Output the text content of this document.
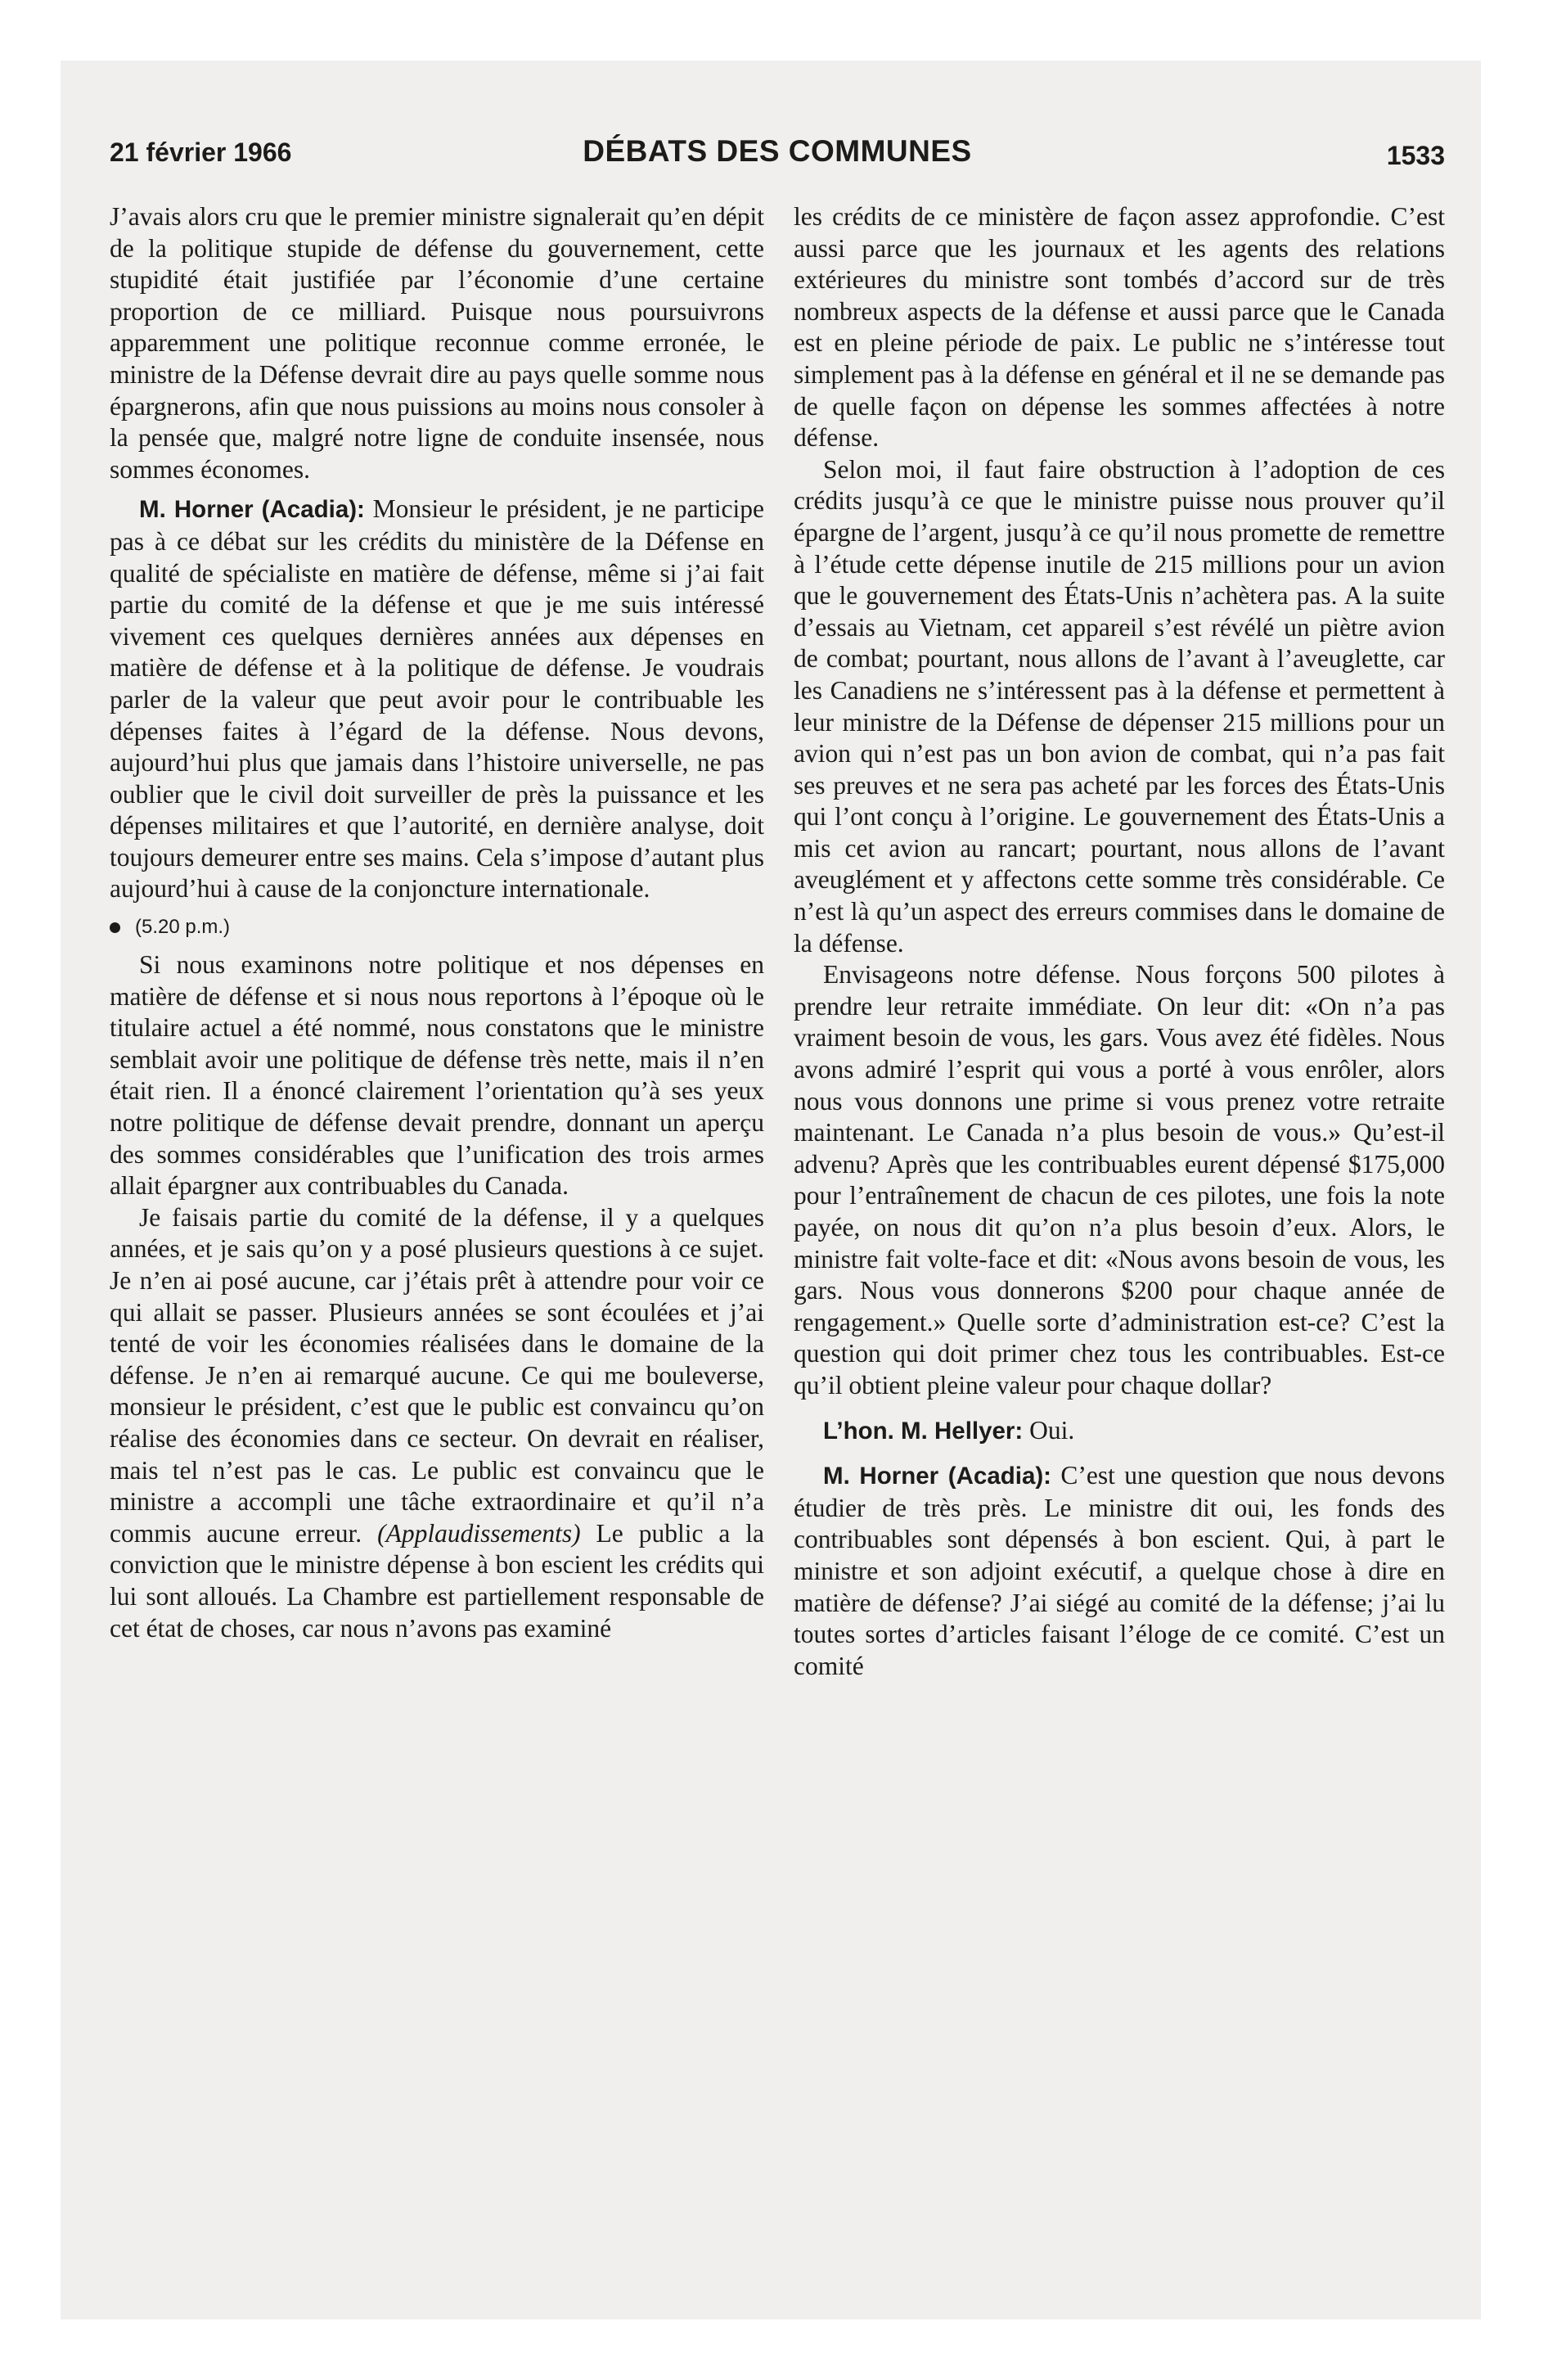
21 février 1966	DÉBATS DES COMMUNES	1533

J’avais alors cru que le premier ministre signalerait qu’en dépit de la politique stupide de défense du gouvernement, cette stupidité était justifiée par l’économie d’une certaine proportion de ce milliard. Puisque nous poursuivrons apparemment une politique reconnue comme erronée, le ministre de la Défense devrait dire au pays quelle somme nous épargnerons, afin que nous puissions au moins nous consoler à la pensée que, malgré notre ligne de conduite insensée, nous sommes économes.

M. Horner (Acadia): Monsieur le président, je ne participe pas à ce débat sur les crédits du ministère de la Défense en qualité de spécialiste en matière de défense, même si j’ai fait partie du comité de la défense et que je me suis intéressé vivement ces quelques dernières années aux dépenses en matière de défense et à la politique de défense. Je voudrais parler de la valeur que peut avoir pour le contribuable les dépenses faites à l’égard de la défense. Nous devons, aujourd’hui plus que jamais dans l’histoire universelle, ne pas oublier que le civil doit surveiller de près la puissance et les dépenses militaires et que l’autorité, en dernière analyse, doit toujours demeurer entre ses mains. Cela s’impose d’autant plus aujourd’hui à cause de la conjoncture internationale.

(5.20 p.m.)

Si nous examinons notre politique et nos dépenses en matière de défense et si nous nous reportons à l’époque où le titulaire actuel a été nommé, nous constatons que le ministre semblait avoir une politique de défense très nette, mais il n’en était rien. Il a énoncé clairement l’orientation qu’à ses yeux notre politique de défense devait prendre, donnant un aperçu des sommes considérables que l’unification des trois armes allait épargner aux contribuables du Canada.

Je faisais partie du comité de la défense, il y a quelques années, et je sais qu’on y a posé plusieurs questions à ce sujet. Je n’en ai posé aucune, car j’étais prêt à attendre pour voir ce qui allait se passer. Plusieurs années se sont écoulées et j’ai tenté de voir les économies réalisées dans le domaine de la défense. Je n’en ai remarqué aucune. Ce qui me bouleverse, monsieur le président, c’est que le public est convaincu qu’on réalise des économies dans ce secteur. On devrait en réaliser, mais tel n’est pas le cas. Le public est convaincu que le ministre a accompli une tâche extraordinaire et qu’il n’a commis aucune erreur. (Applaudissements) Le public a la conviction que le ministre dépense à bon escient les crédits qui lui sont alloués. La Chambre est partiellement responsable de cet état de choses, car nous n’avons pas examiné

les crédits de ce ministère de façon assez approfondie. C’est aussi parce que les journaux et les agents des relations extérieures du ministre sont tombés d’accord sur de très nombreux aspects de la défense et aussi parce que le Canada est en pleine période de paix. Le public ne s’intéresse tout simplement pas à la défense en général et il ne se demande pas de quelle façon on dépense les sommes affectées à notre défense.

Selon moi, il faut faire obstruction à l’adoption de ces crédits jusqu’à ce que le ministre puisse nous prouver qu’il épargne de l’argent, jusqu’à ce qu’il nous promette de remettre à l’étude cette dépense inutile de 215 millions pour un avion que le gouvernement des États-Unis n’achètera pas. A la suite d’essais au Vietnam, cet appareil s’est révélé un piètre avion de combat; pourtant, nous allons de l’avant à l’aveuglette, car les Canadiens ne s’intéressent pas à la défense et permettent à leur ministre de la Défense de dépenser 215 millions pour un avion qui n’est pas un bon avion de combat, qui n’a pas fait ses preuves et ne sera pas acheté par les forces des États-Unis qui l’ont conçu à l’origine. Le gouvernement des États-Unis a mis cet avion au rancart; pourtant, nous allons de l’avant aveuglément et y affectons cette somme très considérable. Ce n’est là qu’un aspect des erreurs commises dans le domaine de la défense.

Envisageons notre défense. Nous forçons 500 pilotes à prendre leur retraite immédiate. On leur dit: «On n’a pas vraiment besoin de vous, les gars. Vous avez été fidèles. Nous avons admiré l’esprit qui vous a porté à vous enrôler, alors nous vous donnons une prime si vous prenez votre retraite maintenant. Le Canada n’a plus besoin de vous.» Qu’est-il advenu? Après que les contribuables eurent dépensé $175,000 pour l’entraînement de chacun de ces pilotes, une fois la note payée, on nous dit qu’on n’a plus besoin d’eux. Alors, le ministre fait volte-face et dit: «Nous avons besoin de vous, les gars. Nous vous donnerons $200 pour chaque année de rengagement.» Quelle sorte d’administration est-ce? C’est la question qui doit primer chez tous les contribuables. Est-ce qu’il obtient pleine valeur pour chaque dollar?

L’hon. M. Hellyer: Oui.

M. Horner (Acadia): C’est une question que nous devons étudier de très près. Le ministre dit oui, les fonds des contribuables sont dépensés à bon escient. Qui, à part le ministre et son adjoint exécutif, a quelque chose à dire en matière de défense? J’ai siégé au comité de la défense; j’ai lu toutes sortes d’articles faisant l’éloge de ce comité. C’est un comité
